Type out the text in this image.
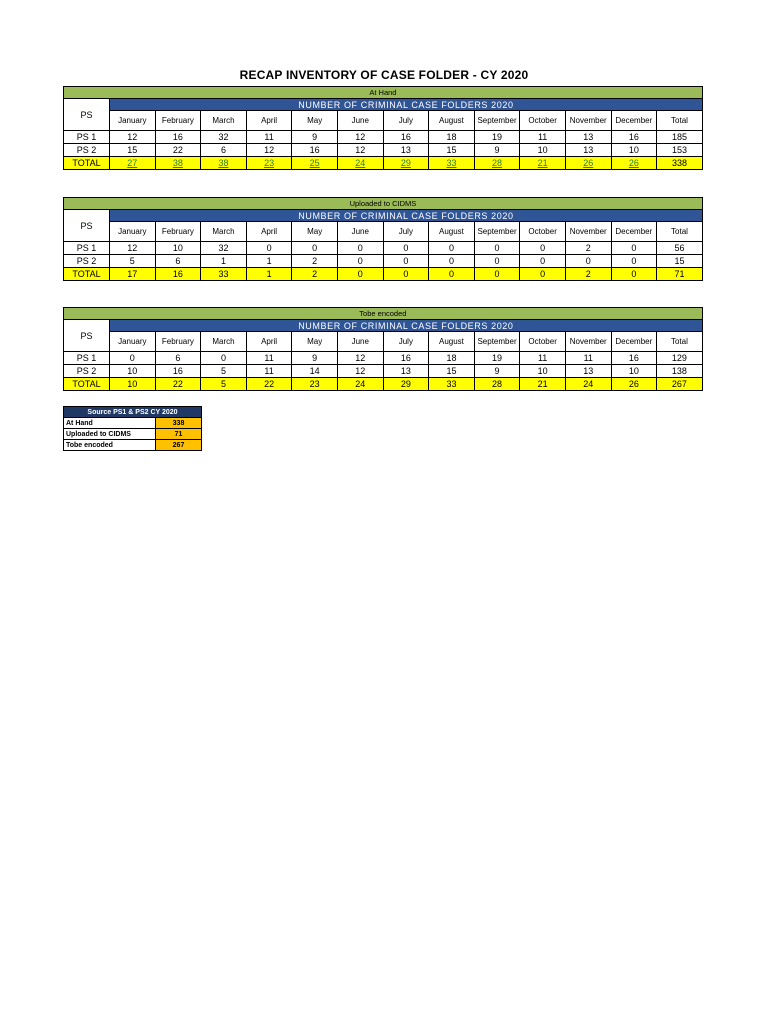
RECAP INVENTORY OF CASE FOLDER - CY 2020
At Hand													
PS	NUMBER OF CRIMINAL CASE FOLDERS 2020												
	January	February	March	April	May	June	July	August	September	October	November	December	Total
PS 1	12	16	32	11	9	12	16	18	19	11	13	16	185
PS 2	15	22	6	12	16	12	13	15	9	10	13	10	153
TOTAL	27	38	38	23	25	24	29	33	28	21	26	26	338
Uploaded to CIDMS													
PS	NUMBER OF CRIMINAL CASE FOLDERS 2020												
	January	February	March	April	May	June	July	August	September	October	November	December	Total
PS 1	12	10	32	0	0	0	0	0	0	0	2	0	56
PS 2	5	6	1	1	2	0	0	0	0	0	0	0	15
TOTAL	17	16	33	1	2	0	0	0	0	0	2	0	71
Tobe encoded													
PS	NUMBER OF CRIMINAL CASE FOLDERS 2020												
	January	February	March	April	May	June	July	August	September	October	November	December	Total
PS 1	0	6	0	11	9	12	16	18	19	11	11	16	129
PS 2	10	16	5	11	14	12	13	15	9	10	13	10	138
TOTAL	10	22	5	22	23	24	29	33	28	21	24	26	267
Source PS1 & PS2 CY 2020	
At Hand	338
Uploaded to CIDMS	71
Tobe encoded	267
